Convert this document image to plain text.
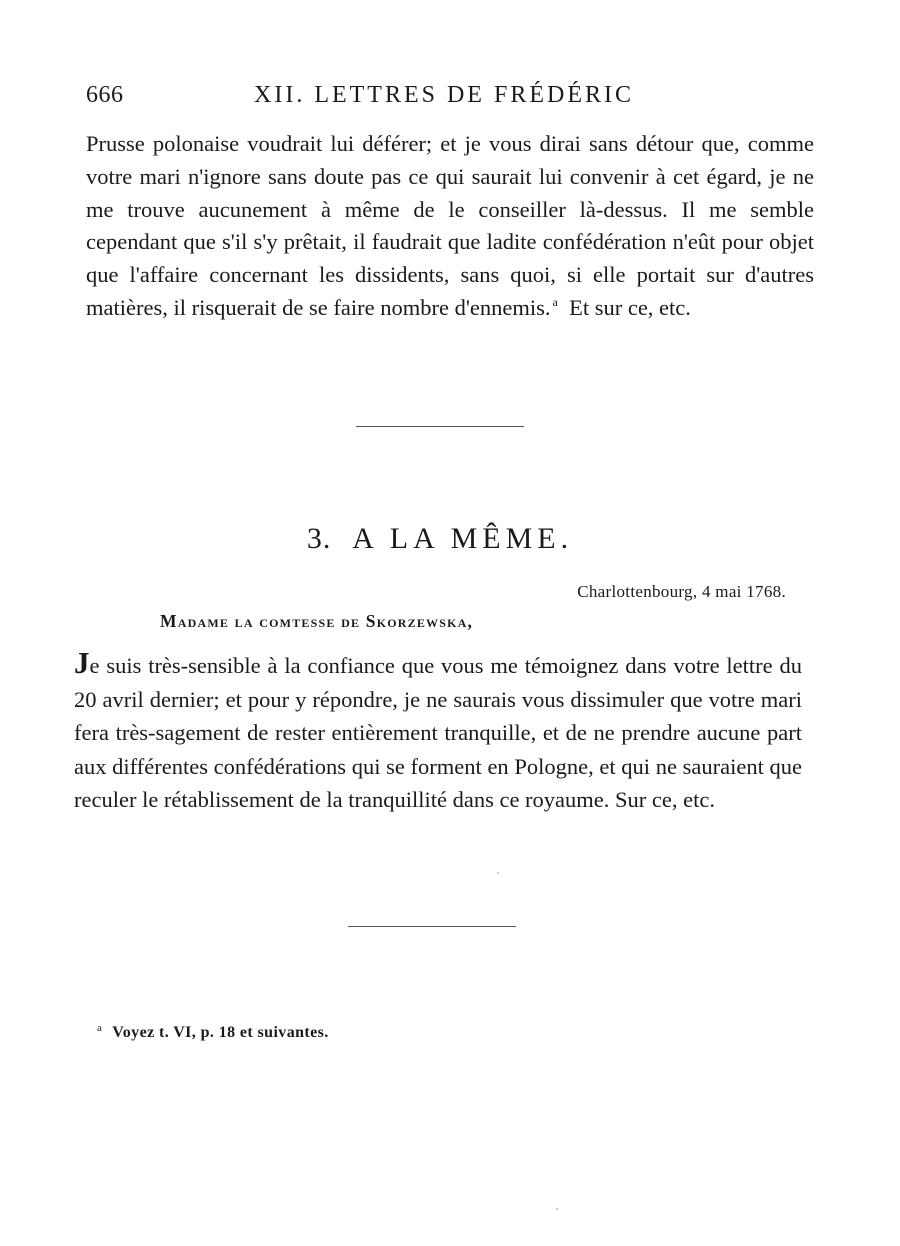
666	XII. LETTRES DE FRÉDÉRIC

Prusse polonaise voudrait lui déférer; et je vous dirai sans détour que, comme votre mari n'ignore sans doute pas ce qui saurait lui convenir à cet égard, je ne me trouve aucunement à même de le conseiller là-dessus. Il me semble cependant que s'il s'y prêtait, il faudrait que ladite confédération n'eût pour objet que l'affaire concernant les dissidents, sans quoi, si elle portait sur d'autres matières, il risquerait de se faire nombre d'ennemis. $^a$ Et sur ce, etc.

3. A LA MÊME.
Charlottenbourg, 4 mai 1768.
Madame la comtesse de Skorzewska,

Je suis très-sensible à la confiance que vous me témoignez dans votre lettre du 20 avril dernier; et pour y répondre, je ne saurais vous dissimuler que votre mari fera très-sagement de rester entièrement tranquille, et de ne prendre aucune part aux différentes confédérations qui se forment en Pologne, et qui ne sauraient que reculer le rétablissement de la tranquillité dans ce royaume. Sur ce, etc.

$^a$ Voyez t. VI, p. 18 et suivantes.
